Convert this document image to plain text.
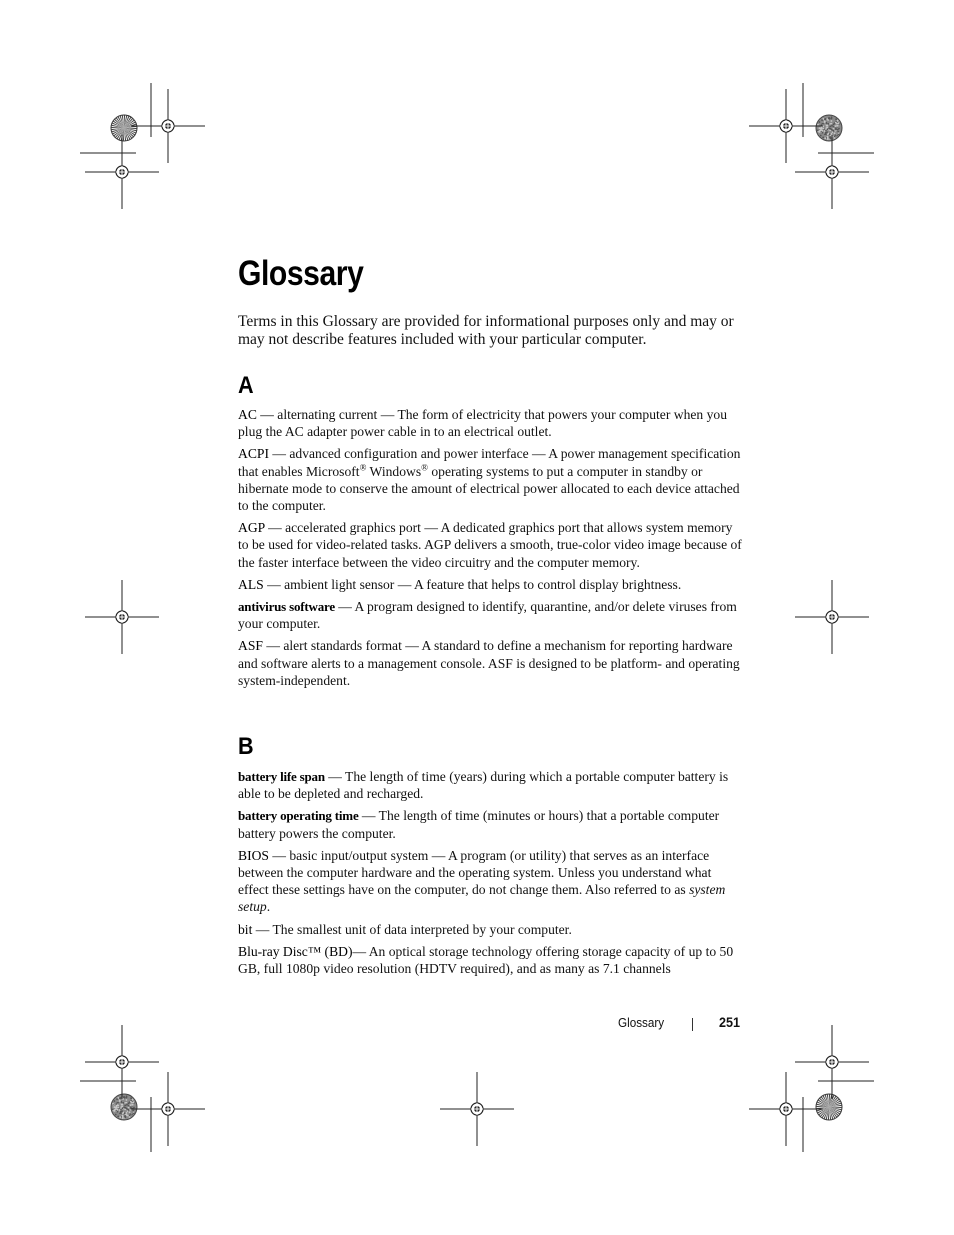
Glossary

Terms in this Glossary are provided for informational purposes only and may or may not describe features included with your particular computer.

A

AC — alternating current — The form of electricity that powers your computer when you plug the AC adapter power cable in to an electrical outlet.

ACPI — advanced configuration and power interface — A power management specification that enables Microsoft® Windows® operating systems to put a computer in standby or hibernate mode to conserve the amount of electrical power allocated to each device attached to the computer.

AGP — accelerated graphics port — A dedicated graphics port that allows system memory to be used for video-related tasks. AGP delivers a smooth, true-color video image because of the faster interface between the video circuitry and the computer memory.

ALS — ambient light sensor — A feature that helps to control display brightness.

antivirus software — A program designed to identify, quarantine, and/or delete viruses from your computer.

ASF — alert standards format — A standard to define a mechanism for reporting hardware and software alerts to a management console. ASF is designed to be platform- and operating system-independent.

B

battery life span — The length of time (years) during which a portable computer battery is able to be depleted and recharged.

battery operating time — The length of time (minutes or hours) that a portable computer battery powers the computer.

BIOS — basic input/output system — A program (or utility) that serves as an interface between the computer hardware and the operating system. Unless you understand what effect these settings have on the computer, do not change them. Also referred to as system setup.

bit — The smallest unit of data interpreted by your computer.

Blu-ray Disc™ (BD)— An optical storage technology offering storage capacity of up to 50 GB, full 1080p video resolution (HDTV required), and as many as 7.1 channels

Glossary	251
